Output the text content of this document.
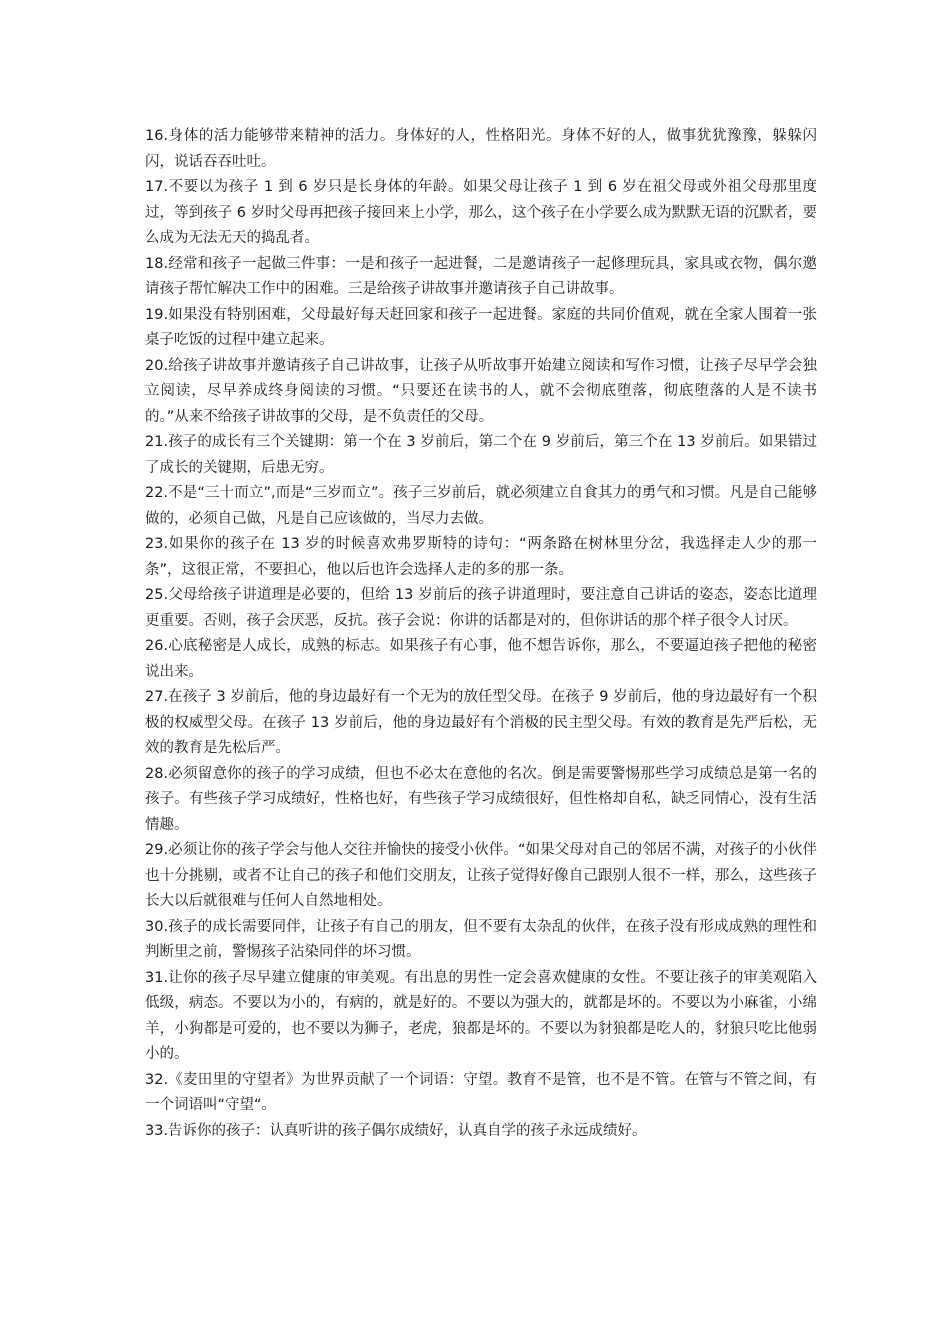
16.身体的活力能够带来精神的活力。身体好的人，性格阳光。身体不好的人，做事犹犹豫豫，躲躲闪闪，说话吞吞吐吐。

17.不要以为孩子 1 到 6 岁只是长身体的年龄。如果父母让孩子 1 到 6 岁在祖父母或外祖父母那里度过，等到孩子 6 岁时父母再把孩子接回来上小学，那么，这个孩子在小学要么成为默默无语的沉默者，要么成为无法无天的捣乱者。

18.经常和孩子一起做三件事：一是和孩子一起进餐，二是邀请孩子一起修理玩具，家具或衣物，偶尔邀请孩子帮忙解决工作中的困难。三是给孩子讲故事并邀请孩子自己讲故事。

19.如果没有特别困难，父母最好每天赶回家和孩子一起进餐。家庭的共同价值观，就在全家人围着一张桌子吃饭的过程中建立起来。

20.给孩子讲故事并邀请孩子自己讲故事，让孩子从听故事开始建立阅读和写作习惯，让孩子尽早学会独立阅读，尽早养成终身阅读的习惯。“只要还在读书的人，就不会彻底堕落，彻底堕落的人是不读书的。”从来不给孩子讲故事的父母，是不负责任的父母。

21.孩子的成长有三个关键期：第一个在 3 岁前后，第二个在 9 岁前后，第三个在 13 岁前后。如果错过了成长的关键期，后患无穷。

22.不是“三十而立”,而是“三岁而立”。孩子三岁前后，就必须建立自食其力的勇气和习惯。凡是自己能够做的，必须自己做，凡是自己应该做的，当尽力去做。

23.如果你的孩子在 13 岁的时候喜欢弗罗斯特的诗句：“两条路在树林里分岔，我选择走人少的那一条”，这很正常，不要担心，他以后也许会选择人走的多的那一条。

25.父母给孩子讲道理是必要的，但给 13 岁前后的孩子讲道理时，要注意自己讲话的姿态，姿态比道理更重要。否则，孩子会厌恶，反抗。孩子会说：你讲的话都是对的，但你讲话的那个样子很令人讨厌。

26.心底秘密是人成长，成熟的标志。如果孩子有心事，他不想告诉你，那么，不要逼迫孩子把他的秘密说出来。

27.在孩子 3 岁前后，他的身边最好有一个无为的放任型父母。在孩子 9 岁前后，他的身边最好有一个积极的权威型父母。在孩子 13 岁前后，他的身边最好有个消极的民主型父母。有效的教育是先严后松，无效的教育是先松后严。

28.必须留意你的孩子的学习成绩，但也不必太在意他的名次。倒是需要警惕那些学习成绩总是第一名的孩子。有些孩子学习成绩好，性格也好，有些孩子学习成绩很好，但性格却自私，缺乏同情心，没有生活情趣。

29.必须让你的孩子学会与他人交往并愉快的接受小伙伴。“如果父母对自己的邻居不满，对孩子的小伙伴也十分挑剔，或者不让自己的孩子和他们交朋友，让孩子觉得好像自己跟别人很不一样，那么，这些孩子长大以后就很难与任何人自然地相处。

30.孩子的成长需要同伴，让孩子有自己的朋友，但不要有太杂乱的伙伴，在孩子没有形成成熟的理性和判断里之前，警惕孩子沾染同伴的坏习惯。

31.让你的孩子尽早建立健康的审美观。有出息的男性一定会喜欢健康的女性。不要让孩子的审美观陷入低级，病态。不要以为小的，有病的，就是好的。不要以为强大的，就都是坏的。不要以为小麻雀，小绵羊，小狗都是可爱的，也不要以为狮子，老虎，狼都是坏的。不要以为豺狼都是吃人的，豺狼只吃比他弱小的。

32.《麦田里的守望者》为世界贡献了一个词语：守望。教育不是管，也不是不管。在管与不管之间，有一个词语叫“守望“。

33.告诉你的孩子：认真听讲的孩子偶尔成绩好，认真自学的孩子永远成绩好。
